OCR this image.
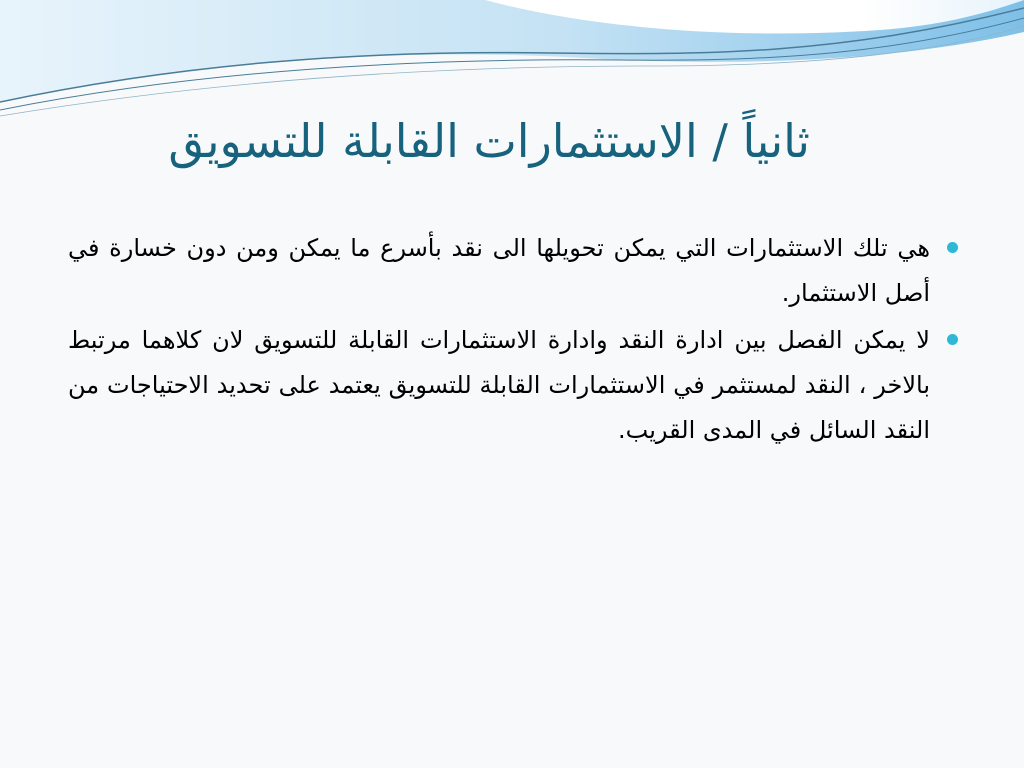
ثانياً / الاستثمارات القابلة للتسويق
هي تلك الاستثمارات التي يمكن تحويلها الى نقد بأسرع ما يمكن ومن دون خسارة في أصل الاستثمار.
لا يمكن الفصل بين ادارة النقد وادارة الاستثمارات القابلة للتسويق لان كلاهما مرتبط بالاخر ، النقد لمستثمر في الاستثمارات القابلة للتسويق يعتمد على تحديد الاحتياجات من النقد السائل في المدى القريب.
